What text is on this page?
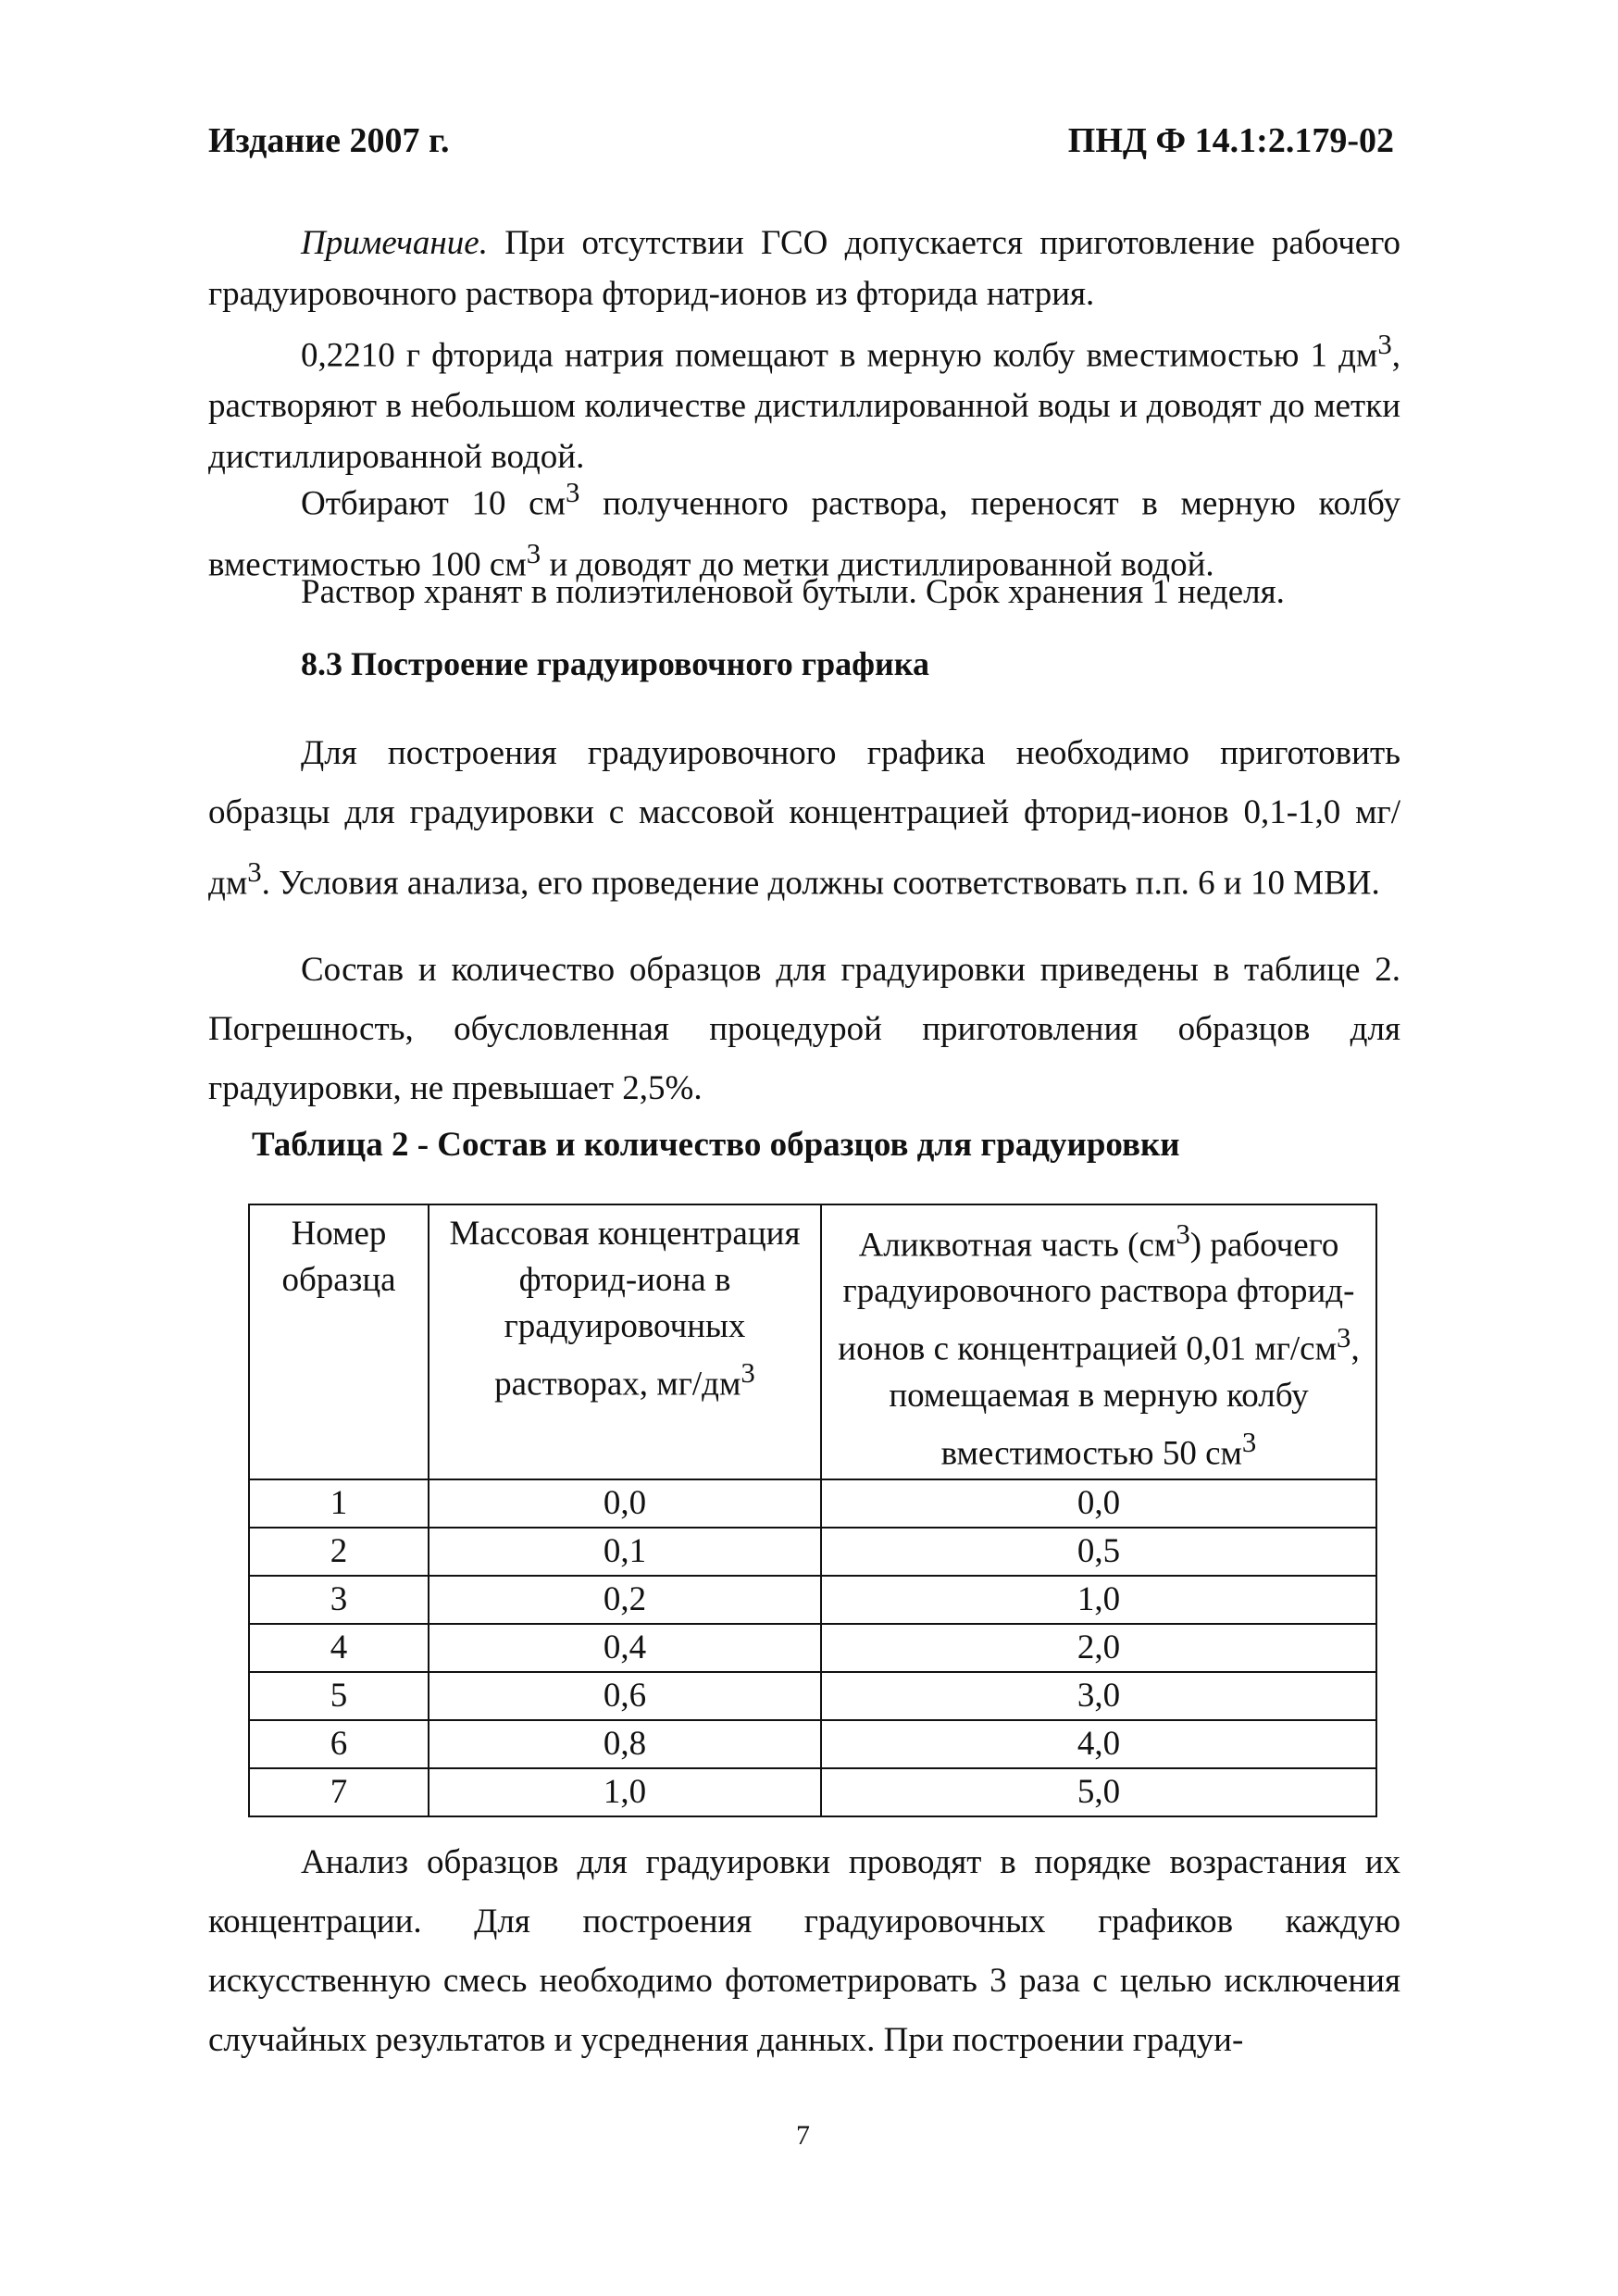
Издание 2007 г.	ПНД Ф 14.1:2.179-02

Примечание. При отсутствии ГСО допускается приготовление рабочего градуировочного раствора фторид-ионов из фторида натрия.

0,2210 г фторида натрия помещают в мерную колбу вместимостью 1 $дм^3$, растворяют в небольшом количестве дистиллированной воды и доводят до метки дистиллированной водой.

Отбирают 10 $см^3$ полученного раствора, переносят в мерную колбу вместимостью 100 $см^3$ и доводят до метки дистиллированной водой.

Раствор хранят в полиэтиленовой бутыли. Срок хранения 1 неделя.

8.3 Построение градуировочного графика

Для построения градуировочного графика необходимо приготовить образцы для градуировки с массовой концентрацией фторид-ионов 0,1-1,0 $мг/дм^3$. Условия анализа, его проведение должны соответствовать п.п. 6 и 10 МВИ.

Состав и количество образцов для градуировки приведены в таблице 2. Погрешность, обусловленная процедурой приготовления образцов для градуировки, не превышает 2,5%.

Таблица 2 - Состав и количество образцов для градуировки
Номер образца	Массовая концентрация фторид-иона в градуировочных растворах, $мг/дм^3$	Аликвотная часть $(см^3)$ рабочего градуировочного раствора фторид-ионов с концентрацией 0,01 $мг/см^3$, помещаемая в мерную колбу вместимостью 50 $см^3$
1	0,0	0,0
2	0,1	0,5
3	0,2	1,0
4	0,4	2,0
5	0,6	3,0
6	0,8	4,0
7	1,0	5,0

Анализ образцов для градуировки проводят в порядке возрастания их концентрации. Для построения градуировочных графиков каждую искусственную смесь необходимо фотометрировать 3 раза с целью исключения случайных результатов и усреднения данных. При построении градуи-

7
